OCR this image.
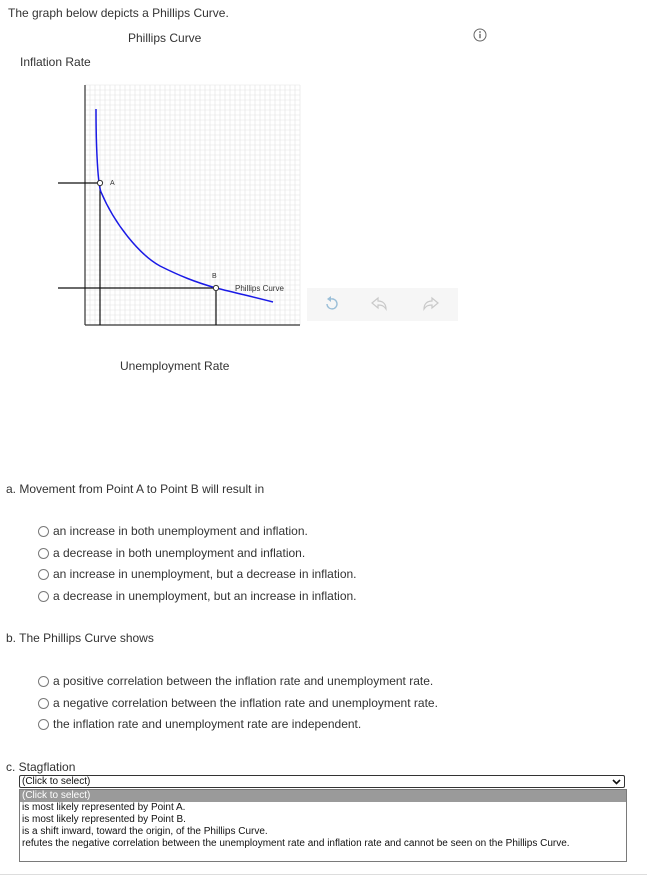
The graph below depicts a Phillips Curve.
Phillips Curve
Inflation Rate
A
B
Phillips Curve
Unemployment Rate
a. Movement from Point A to Point B will result in
an increase in both unemployment and inflation.
a decrease in both unemployment and inflation.
an increase in unemployment, but a decrease in inflation.
a decrease in unemployment, but an increase in inflation.
b. The Phillips Curve shows
a positive correlation between the inflation rate and unemployment rate.
a negative correlation between the inflation rate and unemployment rate.
the inflation rate and unemployment rate are independent.
c. Stagflation
(Click to select)
(Click to select)
is most likely represented by Point A.
is most likely represented by Point B.
is a shift inward, toward the origin, of the Phillips Curve.
refutes the negative correlation between the unemployment rate and inflation rate and cannot be seen on the Phillips Curve.
